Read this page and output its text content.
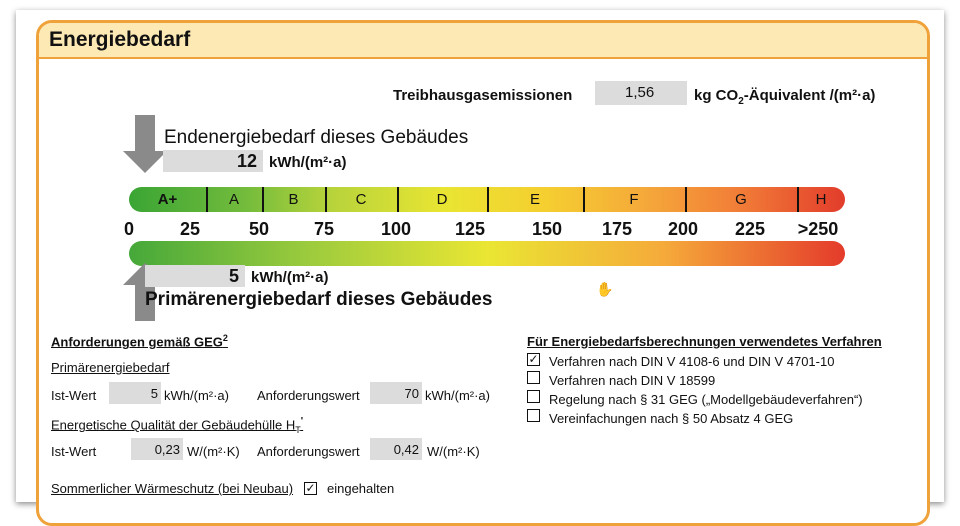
Energiebedarf
Treibhausgasemissionen	1,56	kg $CO_2$-Äquivalent /(m²·a)
Endenergiebedarf dieses Gebäudes
12 kWh/(m²·a)
A+	A	B	C	D	E	F	G	H
0	25	50 75	100 125	150 175 200 225 >250
5 kWh/(m²·a)
Primärenergiebedarf dieses Gebäudes	✋
Anforderungen gemäß GEG$^2$
Primärenergiebedarf
Ist-Wert	5 kWh/(m²·a) Anforderungswert	70 kWh/(m²·a)
Energetische Qualität der Gebäudehülle $H_T'$
Ist-Wert	0,23 W/(m²·K) Anforderungswert	0,42 W/(m²·K)
Sommerlicher Wärmeschutz (bei Neubau) ✓ eingehalten
Für Energiebedarfsberechnungen verwendetes Verfahren
✓ Verfahren nach DIN V 4108-6 und DIN V 4701-10
Verfahren nach DIN V 18599
Regelung nach § 31 GEG („Modellgebäudeverfahren“)
Vereinfachungen nach § 50 Absatz 4 GEG
